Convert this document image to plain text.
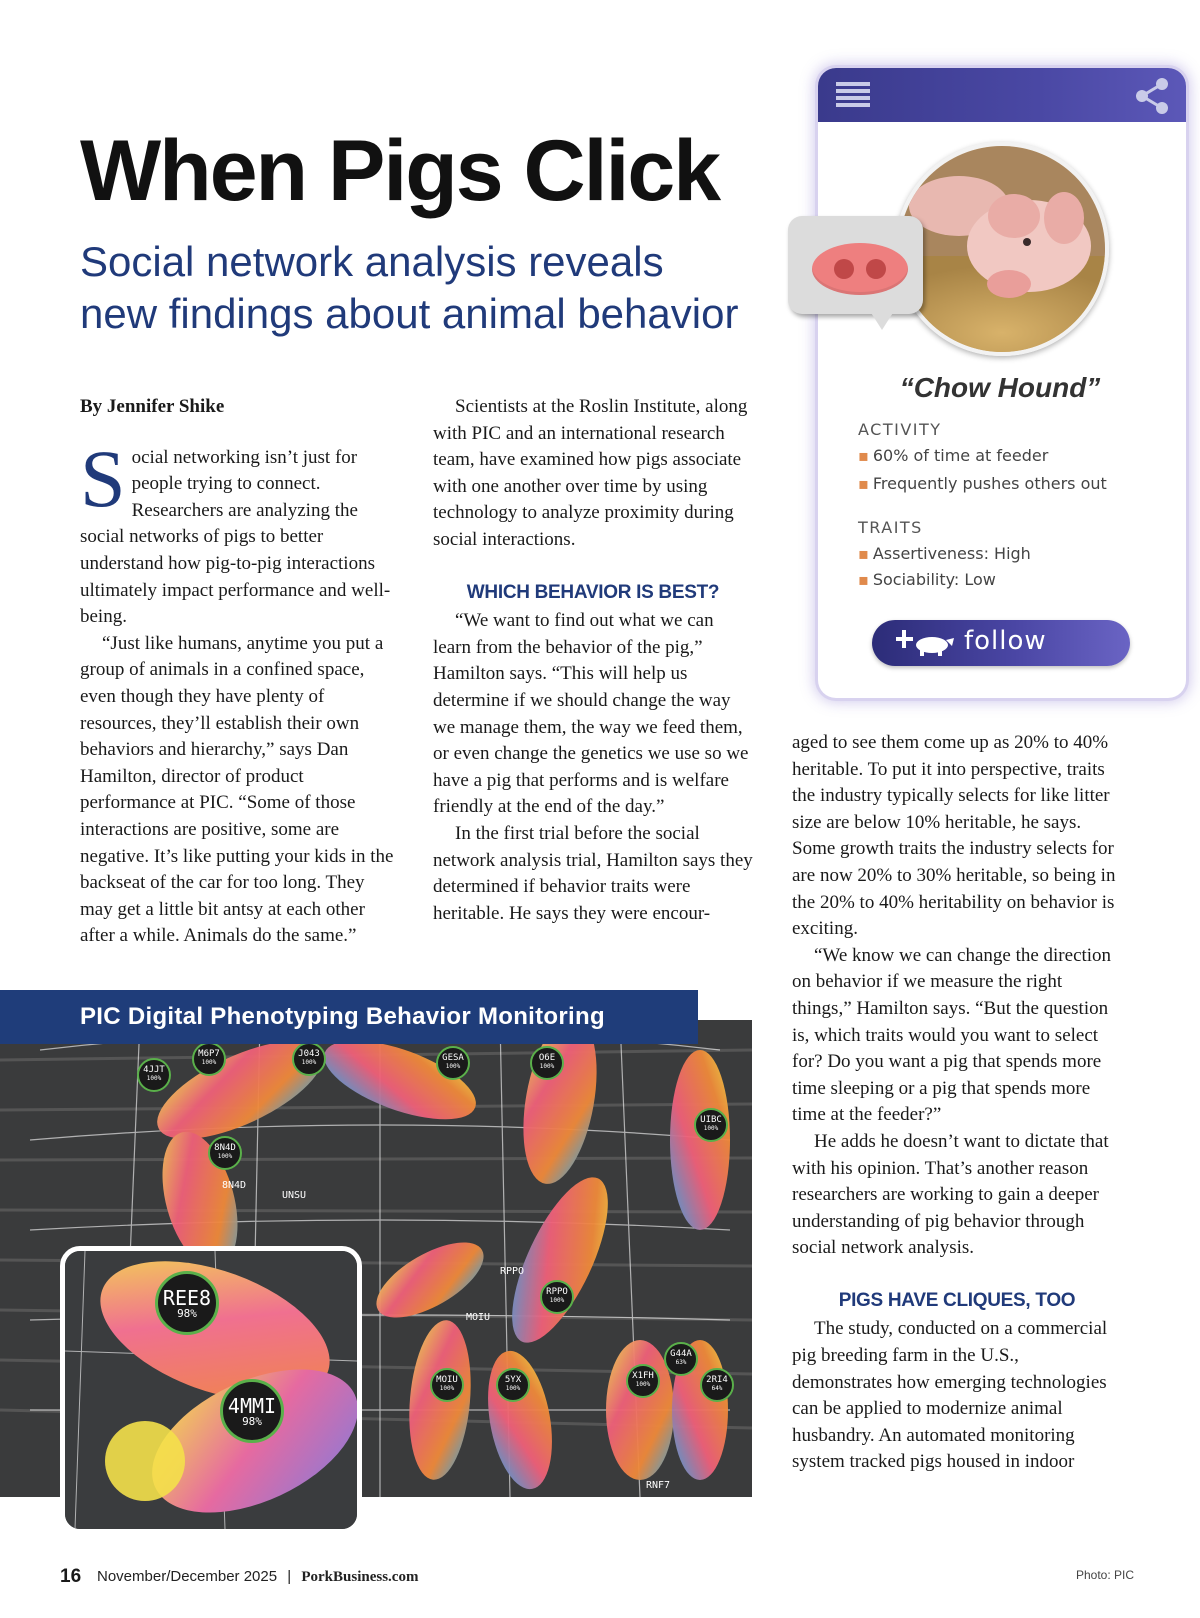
When Pigs Click
Social network analysis reveals new findings about animal behavior

By Jennifer Shike

Social networking isn’t just for people trying to connect. Researchers are analyzing the social networks of pigs to better understand how pig-to-pig interactions ultimately impact performance and well-being.

“Just like humans, anytime you put a group of animals in a confined space, even though they have plenty of resources, they’ll establish their own behaviors and hierarchy,” says Dan Hamilton, director of product performance at PIC. “Some of those interactions are positive, some are negative. It’s like putting your kids in the backseat of the car for too long. They may get a little bit antsy at each other after a while. Animals do the same.”

Scientists at the Roslin Institute, along with PIC and an international research team, have examined how pigs associate with one another over time by using technology to analyze proximity during social interactions.

WHICH BEHAVIOR IS BEST?

“We want to find out what we can learn from the behavior of the pig,” Hamilton says. “This will help us determine if we should change the way we manage them, the way we feed them, or even change the genetics we use so we have a pig that performs and is welfare friendly at the end of the day.”

In the first trial before the social network analysis trial, Hamilton says they determined if behavior traits were heritable. He says they were encour-

aged to see them come up as 20% to 40% heritable. To put it into perspective, traits the industry typically selects for like litter size are below 10% heritable, he says. Some growth traits the industry selects for are now 20% to 30% heritable, so being in the 20% to 40% heritability on behavior is exciting.

“We know we can change the direction on behavior if we measure the right things,” Hamilton says. “But the question is, which traits would you want to select for? Do you want a pig that spends more time sleeping or a pig that spends more time at the feeder?”

He adds he doesn’t want to dictate that with his opinion. That’s another reason researchers are working to gain a deeper understanding of pig behavior through social network analysis.

PIGS HAVE CLIQUES, TOO

The study, conducted on a commercial pig breeding farm in the U.S., demonstrates how emerging technologies can be applied to modernize animal husbandry. An automated monitoring system tracked pigs housed in indoor

“Chow Hound”
ACTIVITY
▪ 60% of time at feeder
▪ Frequently pushes others out
TRAITS
▪ Assertiveness: High
▪ Sociability: Low
follow
UNSU
8N4D
RPPO
MOIU
RNF7
4JJT
100%
M6P7
100%
J043
100%	GESA
100%
O6E
100%
UIBC
100%
8N4D
100%
RPPO
100%
MOIU
100%
5YX
100%
X1FH
100%
G44A
63%
2RI4
64%
PIC Digital Phenotyping Behavior Monitoring
REE8
98%
4MMI
98%
16 November/December 2025 | PorkBusiness.com	Photo: PIC
